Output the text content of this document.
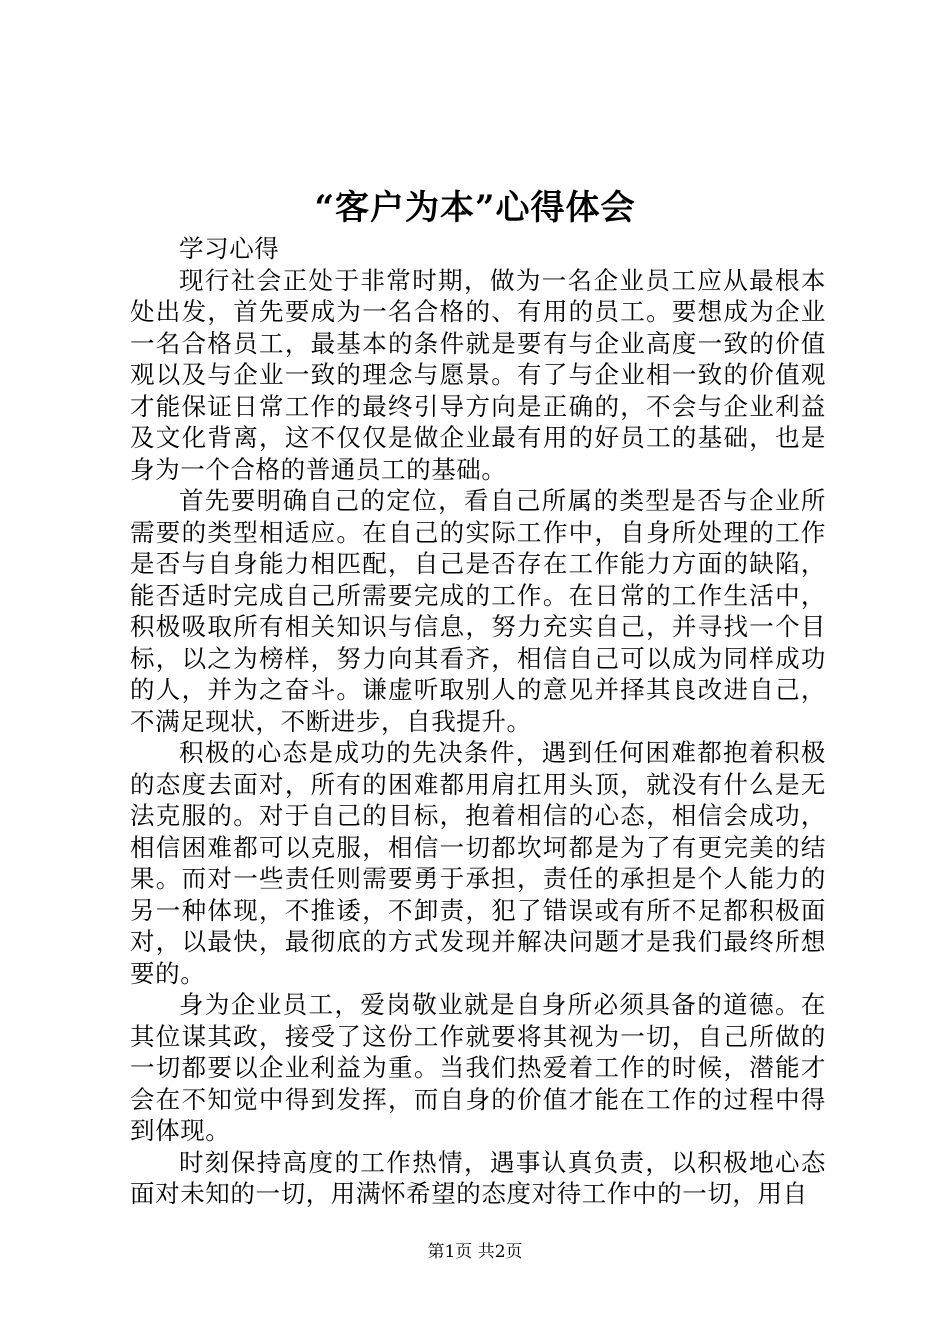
“客户为本”心得体会

学习心得

现行社会正处于非常时期，做为一名企业员工应从最根本处出发，首先要成为一名合格的、有用的员工。要想成为企业一名合格员工，最基本的条件就是要有与企业高度一致的价值观以及与企业一致的理念与愿景。有了与企业相一致的价值观才能保证日常工作的最终引导方向是正确的，不会与企业利益及文化背离，这不仅仅是做企业最有用的好员工的基础，也是身为一个合格的普通员工的基础。

首先要明确自己的定位，看自己所属的类型是否与企业所需要的类型相适应。在自己的实际工作中，自身所处理的工作是否与自身能力相匹配，自己是否存在工作能力方面的缺陷，能否适时完成自己所需要完成的工作。在日常的工作生活中，积极吸取所有相关知识与信息，努力充实自己，并寻找一个目标，以之为榜样，努力向其看齐，相信自己可以成为同样成功的人，并为之奋斗。谦虚听取别人的意见并择其良改进自己，不满足现状，不断进步，自我提升。

积极的心态是成功的先决条件，遇到任何困难都抱着积极的态度去面对，所有的困难都用肩扛用头顶，就没有什么是无法克服的。对于自己的目标，抱着相信的心态，相信会成功，相信困难都可以克服，相信一切都坎坷都是为了有更完美的结果。而对一些责任则需要勇于承担，责任的承担是个人能力的另一种体现，不推诿，不卸责，犯了错误或有所不足都积极面对，以最快，最彻底的方式发现并解决问题才是我们最终所想要的。

身为企业员工，爱岗敬业就是自身所必须具备的道德。在其位谋其政，接受了这份工作就要将其视为一切，自己所做的一切都要以企业利益为重。当我们热爱着工作的时候，潜能才会在不知觉中得到发挥，而自身的价值才能在工作的过程中得到体现。

时刻保持高度的工作热情，遇事认真负责，以积极地心态面对未知的一切，用满怀希望的态度对待工作中的一切，用自

第1页 共2页
